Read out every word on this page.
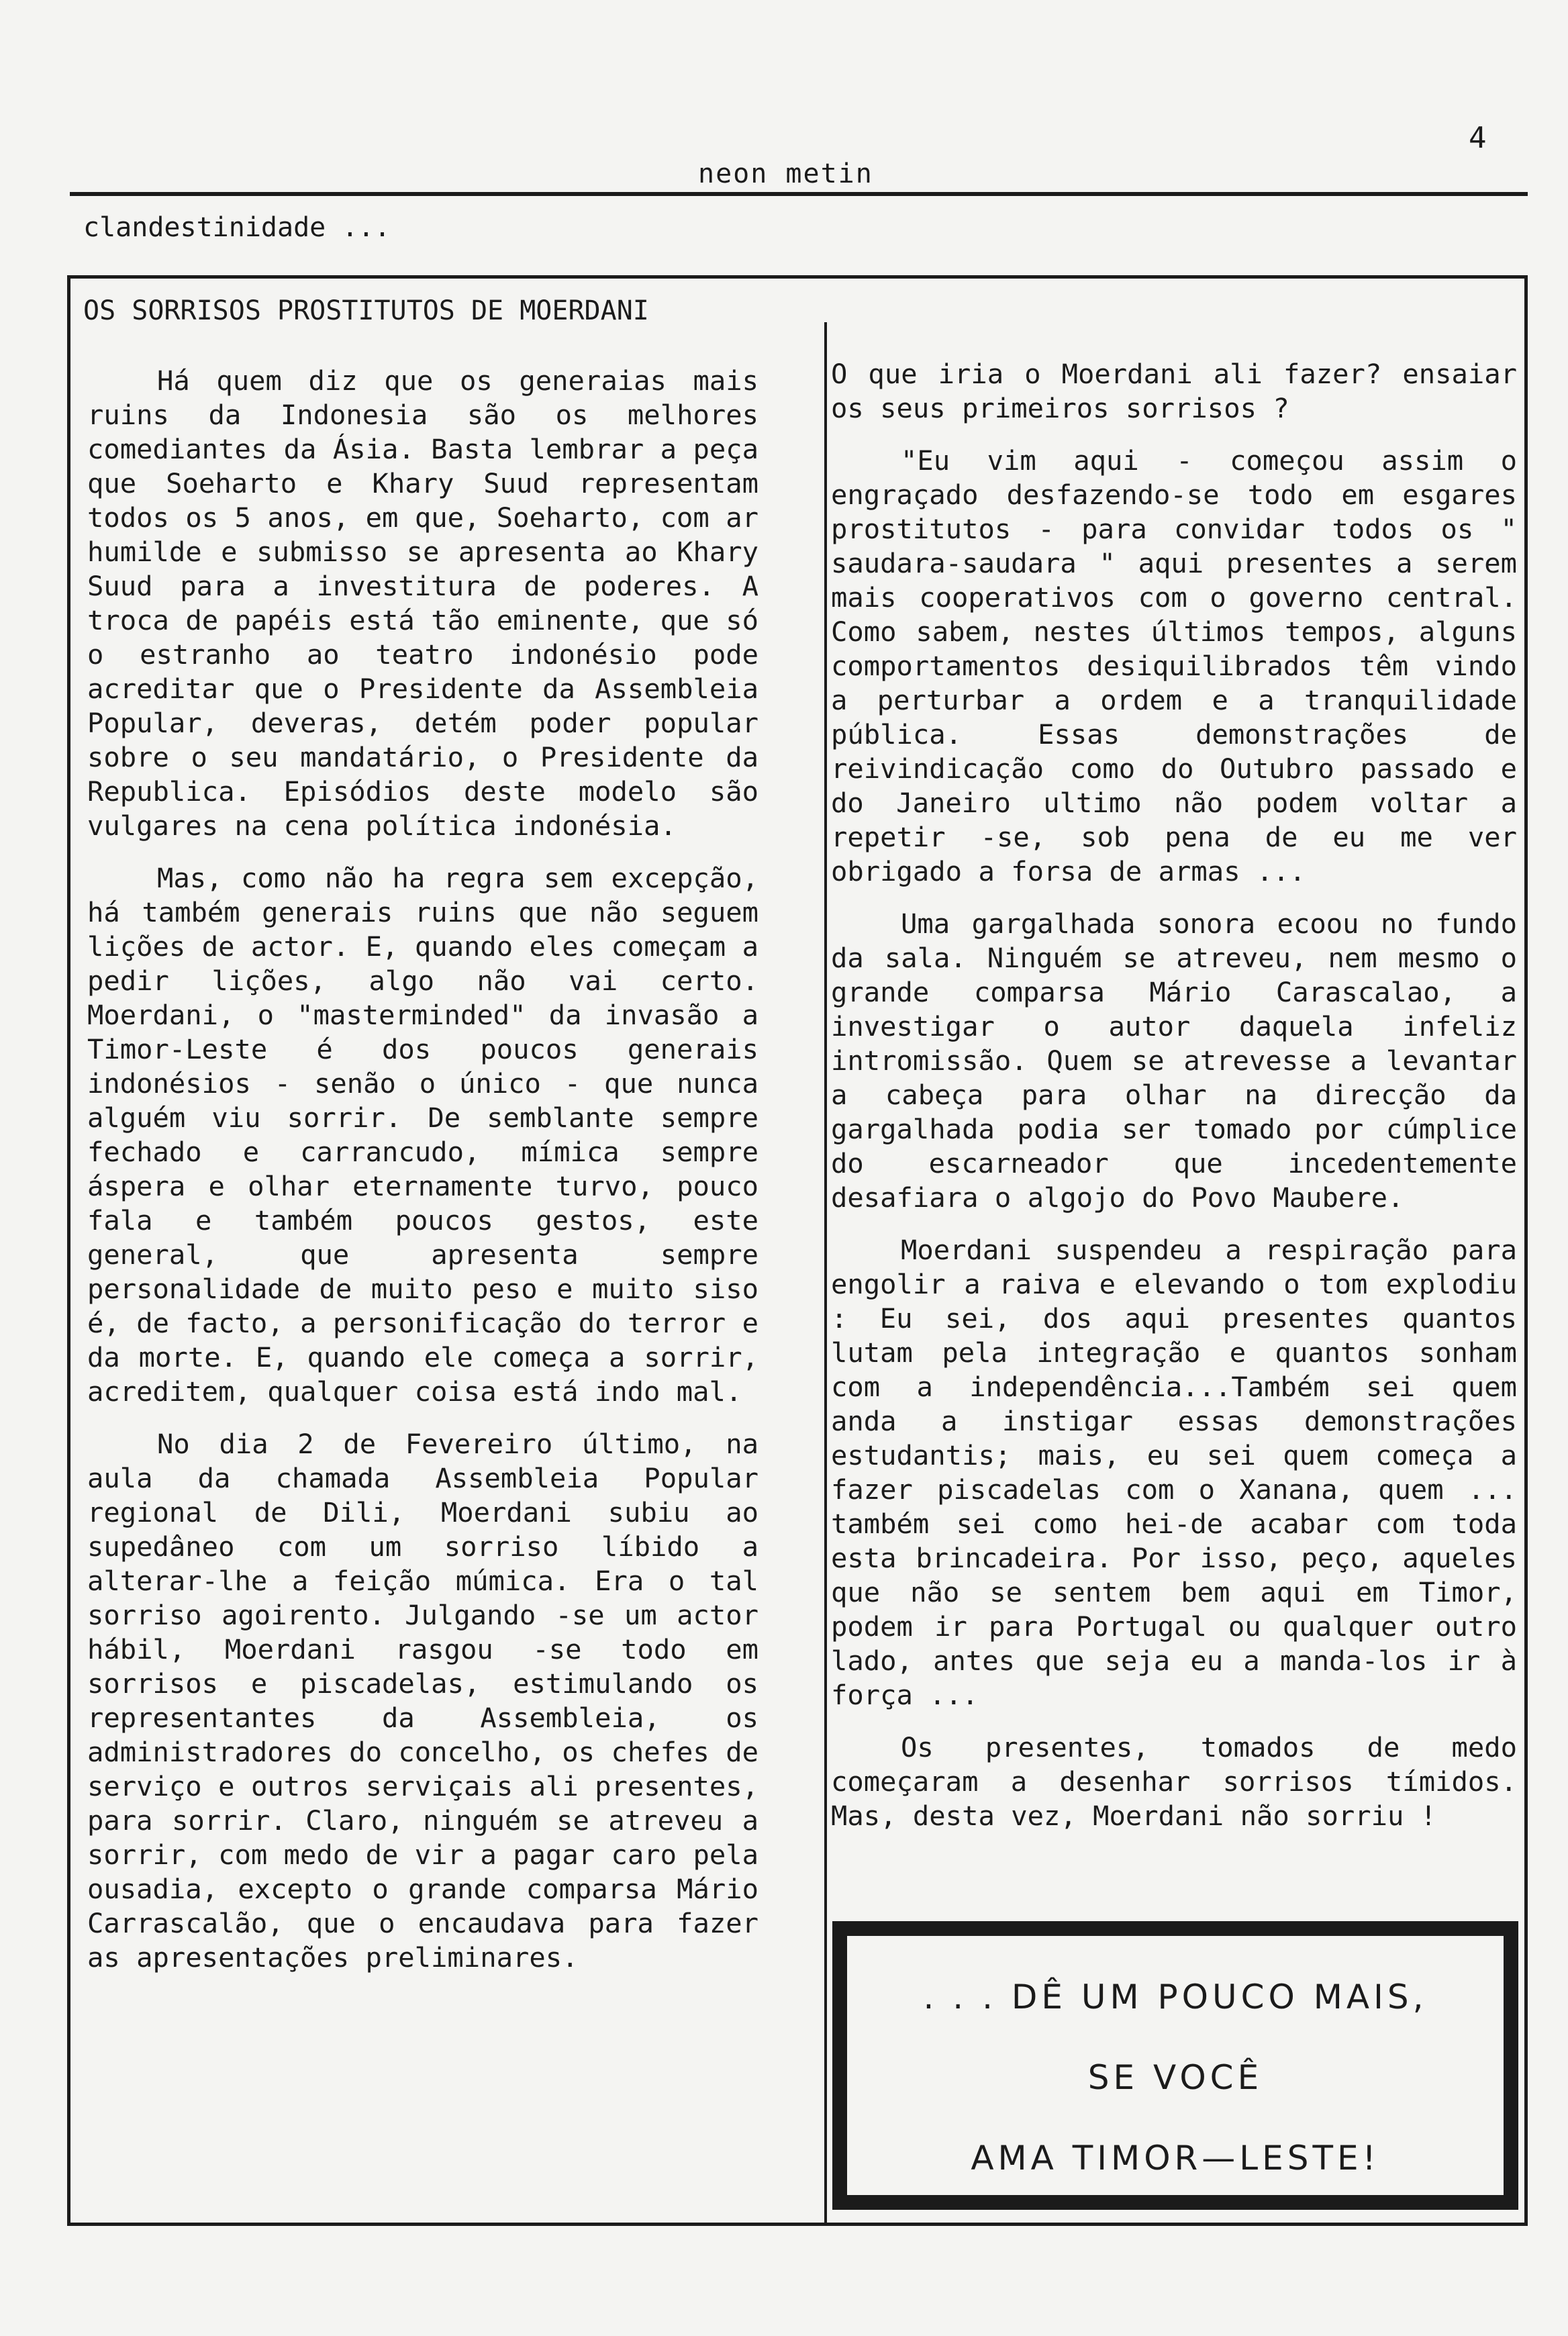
4
neon metin
clandestinidade ...
OS SORRISOS PROSTITUTOS DE MOERDANI

Há quem diz que os generaias mais ruins da Indonesia são os melhores comediantes da Ásia. Basta lembrar a peça que Soeharto e Khary Suud representam todos os 5 anos, em que, Soeharto, com ar humilde e submisso se apresenta ao Khary Suud para a investitura de poderes. A troca de papéis está tão eminente, que só o estranho ao teatro indonésio pode acreditar que o Presidente da Assembleia Popular, deveras, detém poder popular sobre o seu mandatário, o Presidente da Republica. Episódios deste modelo são vulgares na cena política indonésia.

Mas, como não ha regra sem excepção, há também generais ruins que não seguem lições de actor. E, quando eles começam a pedir lições, algo não vai certo. Moerdani, o "masterminded" da invasão a Timor-Leste é dos poucos generais indonésios - senão o único - que nunca alguém viu sorrir. De semblante sempre fechado e carrancudo, mímica sempre áspera e olhar eternamente turvo, pouco fala e também poucos gestos, este general, que apresenta sempre personalidade de muito peso e muito siso é, de facto, a personificação do terror e da morte. E, quando ele começa a sorrir, acreditem, qualquer coisa está indo mal.

No dia 2 de Fevereiro último, na aula da chamada Assembleia Popular regional de Dili, Moerdani subiu ao supedâneo com um sorriso líbido a alterar-lhe a feição múmica. Era o tal sorriso agoirento. Julgando -se um actor hábil, Moerdani rasgou -se todo em sorrisos e piscadelas, estimulando os representantes da Assembleia, os administradores do concelho, os chefes de serviço e outros serviçais ali presentes, para sorrir. Claro, ninguém se atreveu a sorrir, com medo de vir a pagar caro pela ousadia, excepto o grande comparsa Mário Carrascalão, que o encaudava para fazer as apresentações preliminares.

O que iria o Moerdani ali fazer? ensaiar os seus primeiros sorrisos ?

"Eu vim aqui - começou assim o engraçado desfazendo-se todo em esgares prostitutos - para convidar todos os " saudara-saudara " aqui presentes a serem mais cooperativos com o governo central. Como sabem, nestes últimos tempos, alguns comportamentos desiquilibrados têm vindo a perturbar a ordem e a tranquilidade pública. Essas demonstrações de reivindicação como do Outubro passado e do Janeiro ultimo não podem voltar a repetir -se, sob pena de eu me ver obrigado a forsa de armas ...

Uma gargalhada sonora ecoou no fundo da sala. Ninguém se atreveu, nem mesmo o grande comparsa Mário Carascalao, a investigar o autor daquela infeliz intromissão. Quem se atrevesse a levantar a cabeça para olhar na direcção da gargalhada podia ser tomado por cúmplice do escarneador que incedentemente desafiara o algojo do Povo Maubere.

Moerdani suspendeu a respiração para engolir a raiva e elevando o tom explodiu : Eu sei, dos aqui presentes quantos lutam pela integração e quantos sonham com a independência...Também sei quem anda a instigar essas demonstrações estudantis; mais, eu sei quem começa a fazer piscadelas com o Xanana, quem ... também sei como hei-de acabar com toda esta brincadeira. Por isso, peço, aqueles que não se sentem bem aqui em Timor, podem ir para Portugal ou qualquer outro lado, antes que seja eu a manda-los ir à força ...

Os presentes, tomados de medo começaram a desenhar sorrisos tímidos. Mas, desta vez, Moerdani não sorriu !

. . . DÊ UM POUCO MAIS,
SE VOCÊ
AMA TIMOR—LESTE!
